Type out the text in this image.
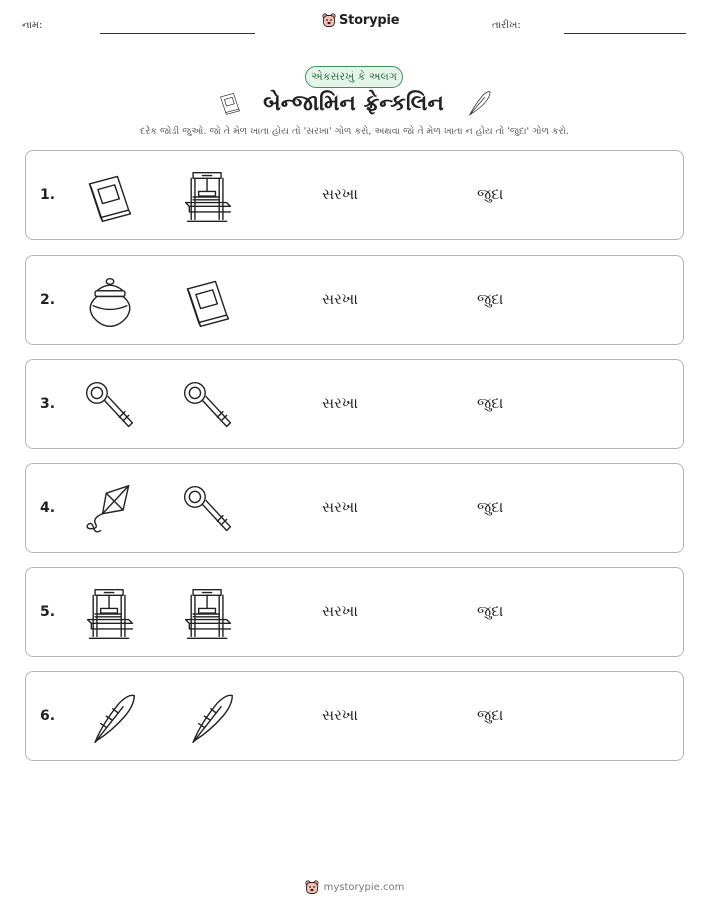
નામ:	Storypie	તારીખ:
એકસરખું કે અલગ
બેન્જામિન ફ્રેન્કલિન
દરેક જોડી જુઓ. જો તે મેળ ખાતા હોય તો 'સરખા' ગોળ કરો, અથવા જો તે મેળ ખાતા ન હોય તો 'જુદા' ગોળ કરો.
1.	સરખા	જુદા
2.	સરખા	જુદા
3.	સરખા	જુદા
4.	સરખા	જુદા
5.	સરખા	જુદા
6.	સરખા	જુદા
mystorypie.com
